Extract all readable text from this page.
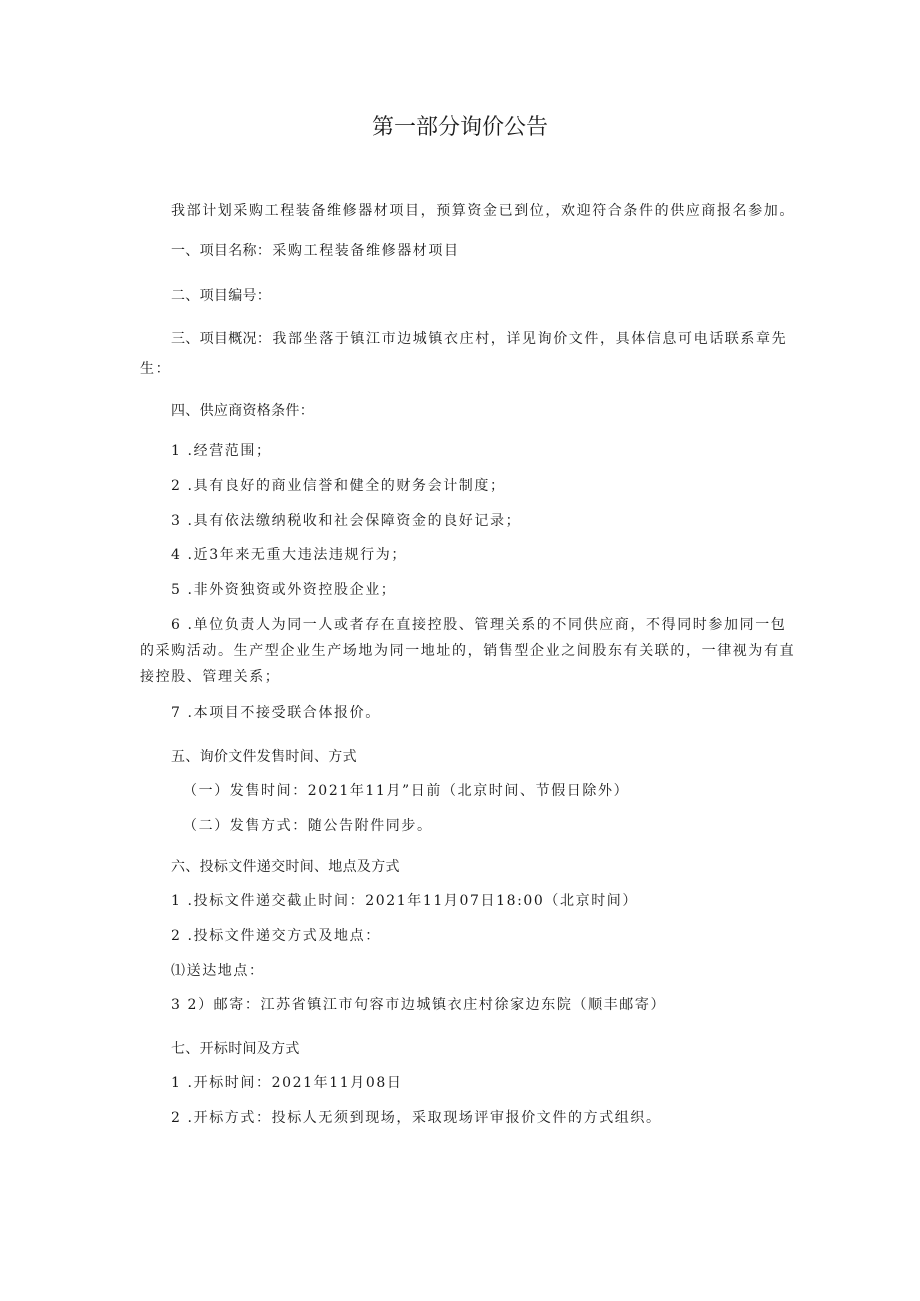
第一部分询价公告
我部计划采购工程装备维修器材项目，预算资金已到位，欢迎符合条件的供应商报名参加。
一、项目名称：采购工程装备维修器材项目
二、项目编号：
三、项目概况：我部坐落于镇江市边城镇衣庄村，详见询价文件，具体信息可电话联系章先
生：
四、供应商资格条件：
1 .经营范围；
2 .具有良好的商业信誉和健全的财务会计制度；
3 .具有依法缴纳税收和社会保障资金的良好记录；
4 .近3年来无重大违法违规行为；
5 .非外资独资或外资控股企业；
6 .单位负责人为同一人或者存在直接控股、管理关系的不同供应商，不得同时参加同一包
的采购活动。生产型企业生产场地为同一地址的，销售型企业之间股东有关联的，一律视为有直
接控股、管理关系；
7 .本项目不接受联合体报价。
五、询价文件发售时间、方式
（一）发售时间：2021年11月”日前（北京时间、节假日除外）
（二）发售方式：随公告附件同步。
六、投标文件递交时间、地点及方式
1 .投标文件递交截止时间：2021年11月07日18:00（北京时间）
2 .投标文件递交方式及地点：
⑴送达地点：
3 2）邮寄：江苏省镇江市句容市边城镇衣庄村徐家边东院（顺丰邮寄）
七、开标时间及方式
1 .开标时间：2021年11月08日
2 .开标方式：投标人无须到现场，采取现场评审报价文件的方式组织。
